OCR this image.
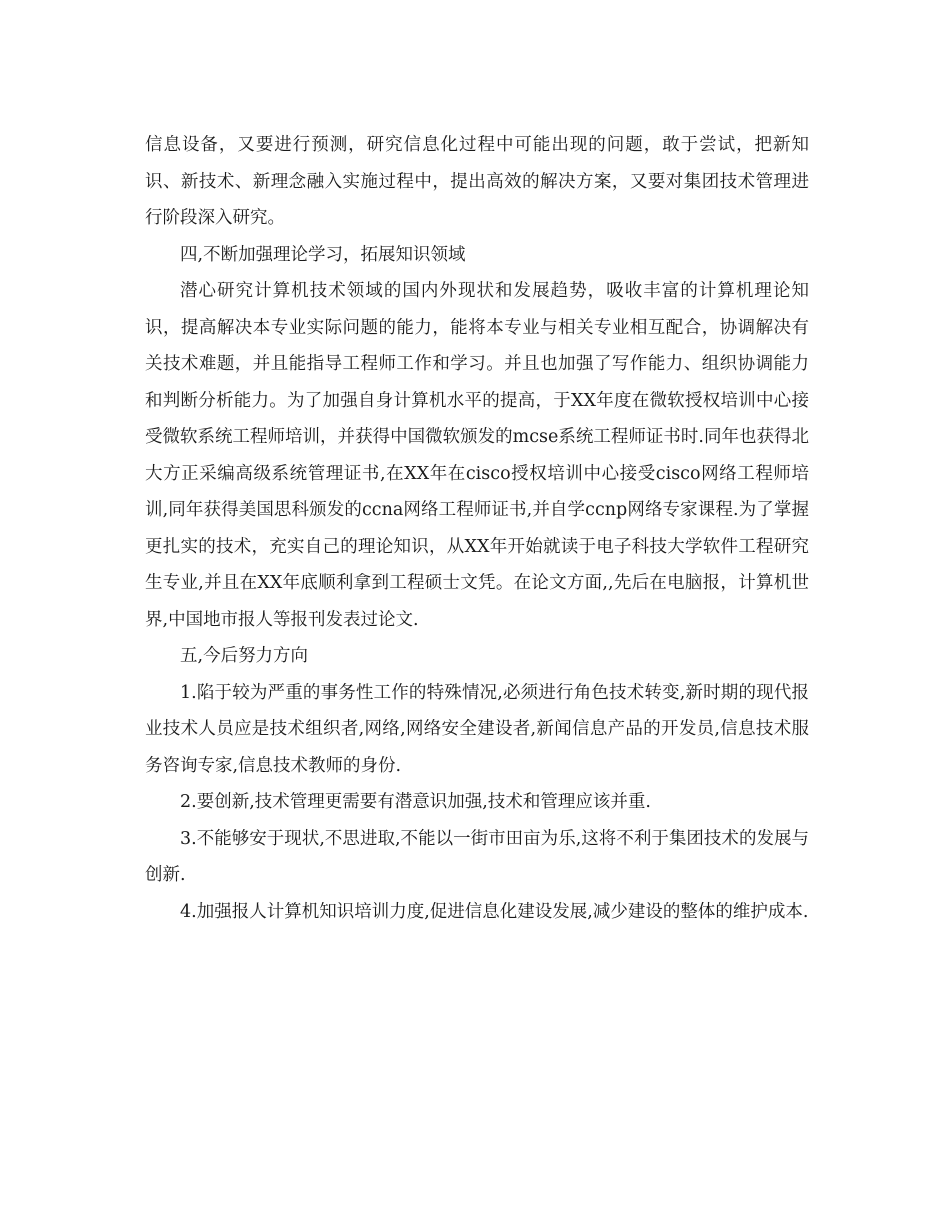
信息设备，又要进行预测，研究信息化过程中可能出现的问题，敢于尝试，把新知识、新技术、新理念融入实施过程中，提出高效的解决方案，又要对集团技术管理进行阶段深入研究。

四,不断加强理论学习，拓展知识领域

潜心研究计算机技术领域的国内外现状和发展趋势，吸收丰富的计算机理论知识，提高解决本专业实际问题的能力，能将本专业与相关专业相互配合，协调解决有关技术难题，并且能指导工程师工作和学习。并且也加强了写作能力、组织协调能力和判断分析能力。为了加强自身计算机水平的提高，于XX年度在微软授权培训中心接受微软系统工程师培训，并获得中国微软颁发的mcse系统工程师证书时.同年也获得北大方正采编高级系统管理证书,在XX年在cisco授权培训中心接受cisco网络工程师培训,同年获得美国思科颁发的ccna网络工程师证书,并自学ccnp网络专家课程.为了掌握更扎实的技术，充实自己的理论知识，从XX年开始就读于电子科技大学软件工程研究生专业,并且在XX年底顺利拿到工程硕士文凭。在论文方面,,先后在电脑报，计算机世界,中国地市报人等报刊发表过论文.

五,今后努力方向

1.陷于较为严重的事务性工作的特殊情况,必须进行角色技术转变,新时期的现代报业技术人员应是技术组织者,网络,网络安全建设者,新闻信息产品的开发员,信息技术服务咨询专家,信息技术教师的身份.

2.要创新,技术管理更需要有潜意识加强,技术和管理应该并重.

3.不能够安于现状,不思进取,不能以一街市田亩为乐,这将不利于集团技术的发展与创新.

4.加强报人计算机知识培训力度,促进信息化建设发展,减少建设的整体的维护成本.
